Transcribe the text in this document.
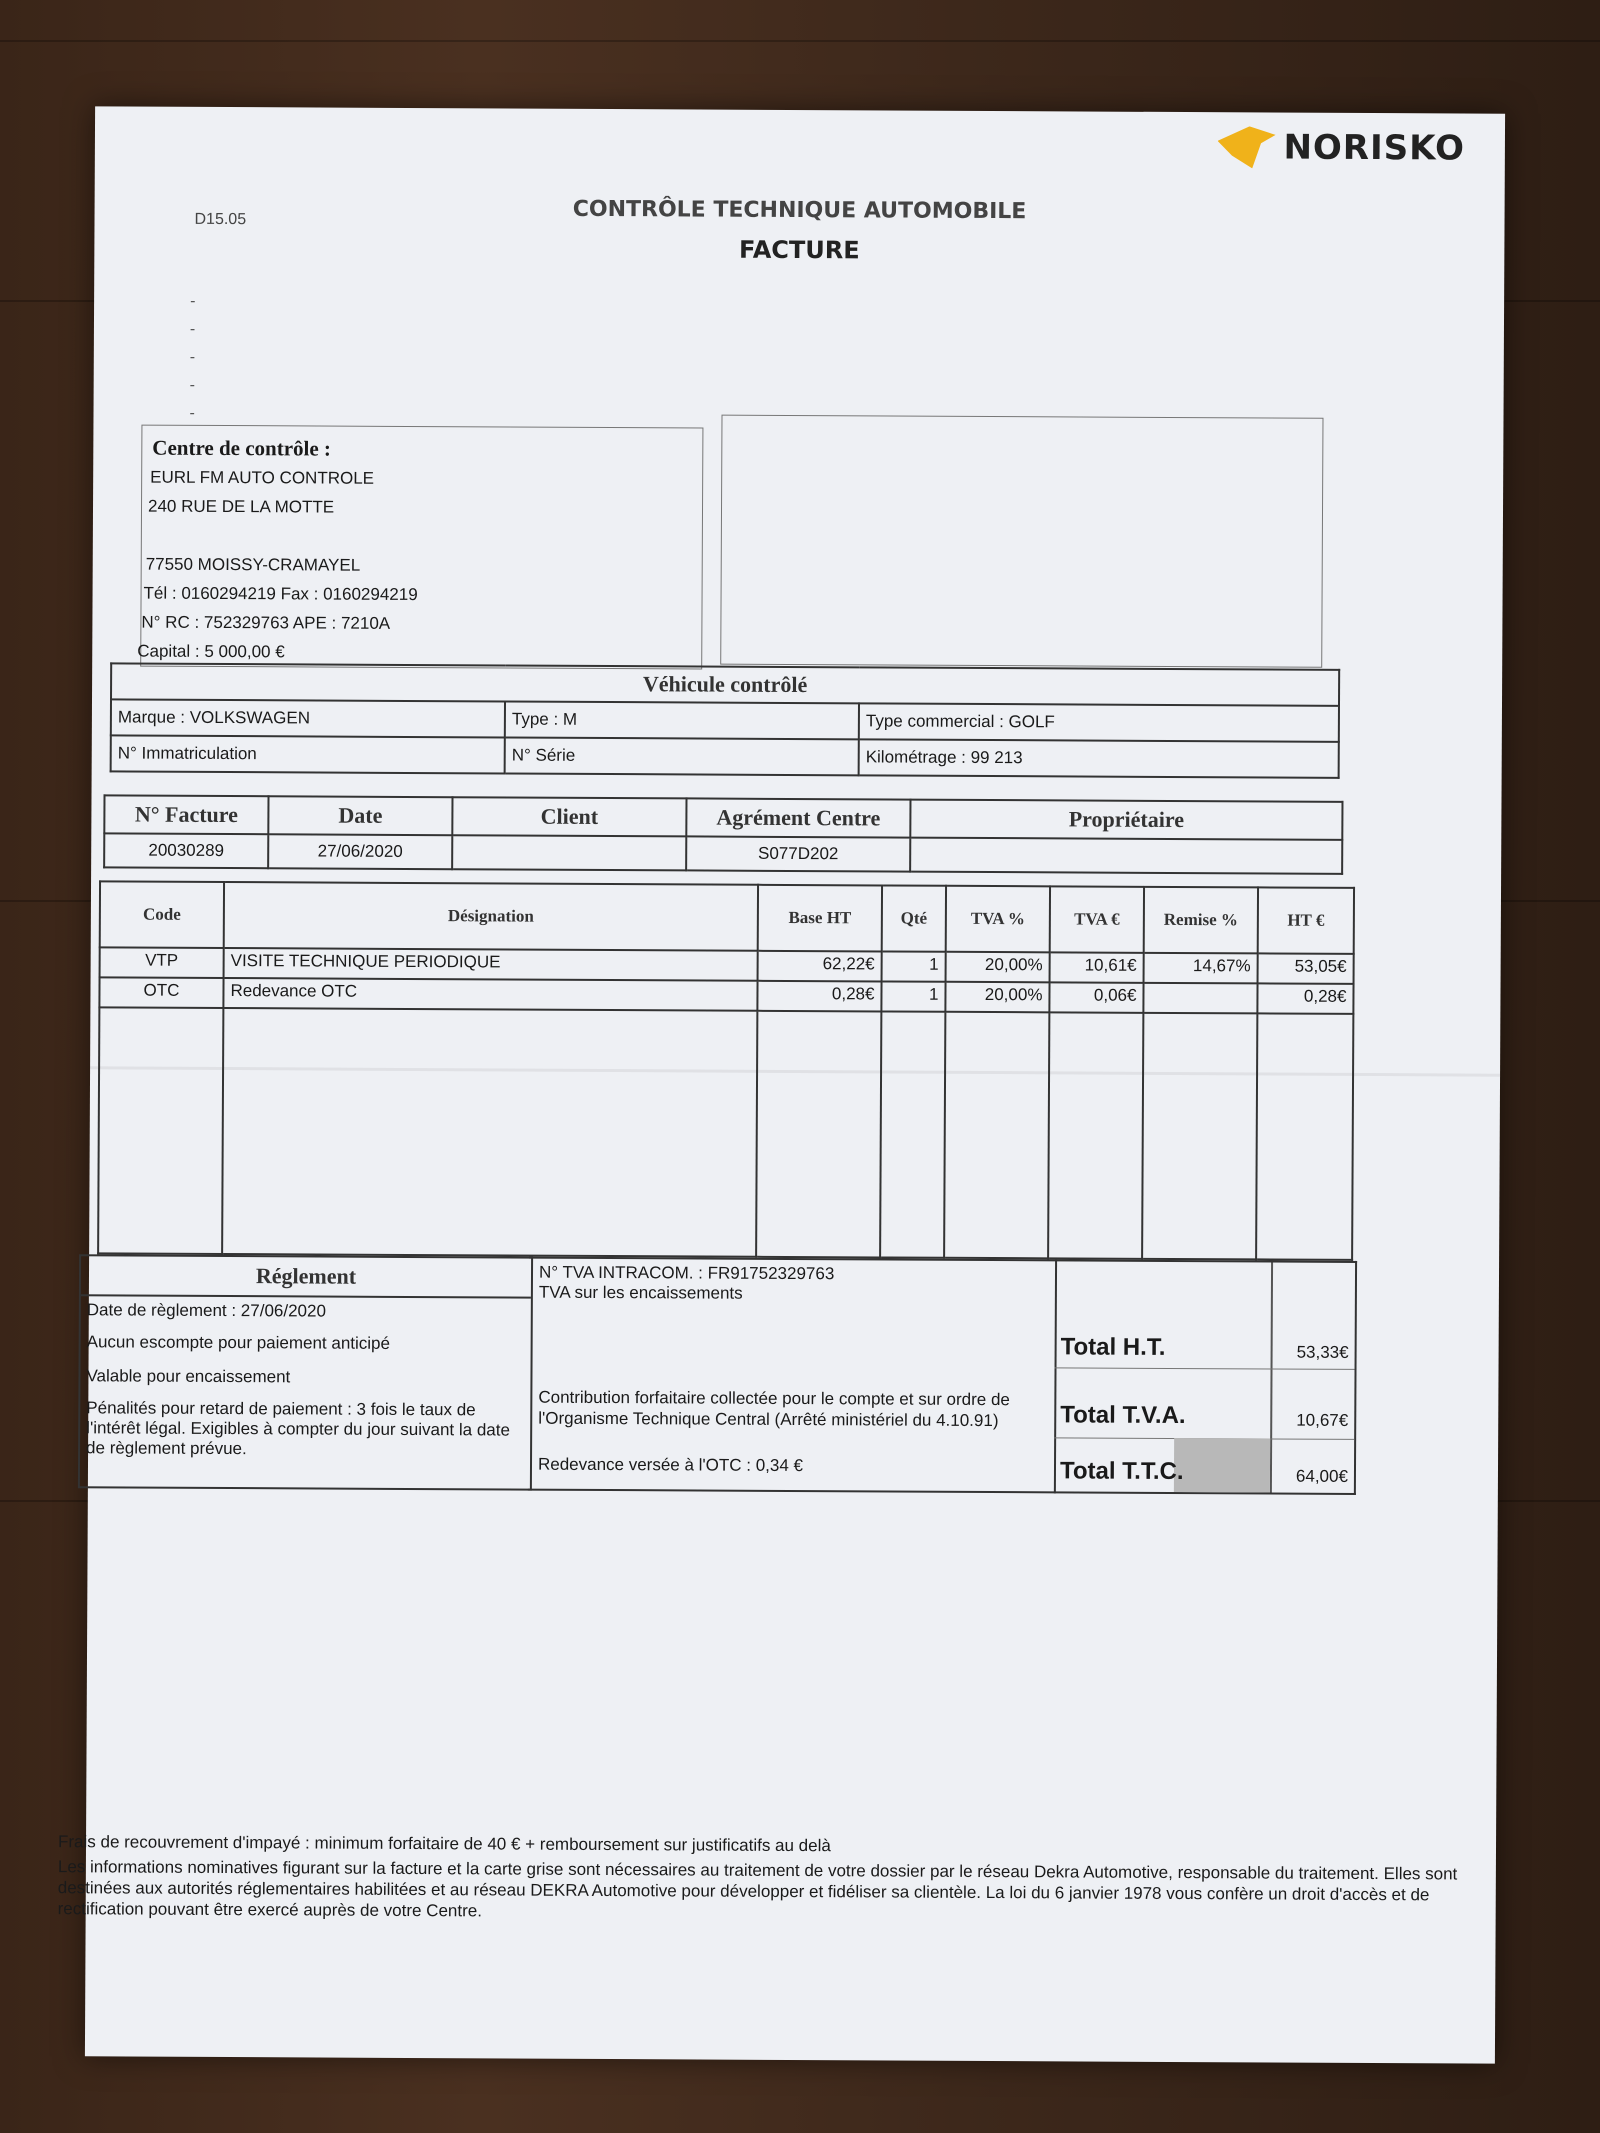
NORISKO
D15.05	CONTRÔLE TECHNIQUE AUTOMOBILE
FACTURE
-
-
-
-
-
Centre de contrôle :
EURL FM AUTO CONTROLE
240 RUE DE LA MOTTE
77550 MOISSY-CRAMAYEL
Tél : 0160294219 Fax : 0160294219
N° RC : 752329763 APE : 7210A
Capital : 5 000,00 €
Véhicule contrôlé		
Marque : VOLKSWAGEN	Type : M	Type commercial : GOLF
N° Immatriculation	N° Série	Kilométrage : 99 213
N° Facture	Date	Client	Agrément Centre	Propriétaire
20030289	27/06/2020		S077D202	
Code	Désignation	Base HT	Qté	TVA %	TVA €	Remise %	HT €
VTP	VISITE TECHNIQUE PERIODIQUE	62,22€	1	20,00%	10,61€	14,67%	53,05€
OTC	Redevance OTC	0,28€	1	20,00%	0,06€		0,28€

Réglement
Date de règlement : 27/06/2020
Aucun escompte pour paiement anticipé
Valable pour encaissement
Pénalités pour retard de paiement : 3 fois le taux de l'intérêt légal. Exigibles à compter du jour suivant la date de règlement prévue.
N° TVA INTRACOM. : FR91752329763
TVA sur les encaissements
Contribution forfaitaire collectée pour le compte et sur ordre de l'Organisme Technique Central (Arrêté ministériel du 4.10.91)
Redevance versée à l'OTC : 0,34 €
Total H.T.	53,33€
Total T.V.A.	10,67€
Total T.T.C.	64,00€
Frais de recouvrement d'impayé : minimum forfaitaire de 40 € + remboursement sur justificatifs au delà
Les informations nominatives figurant sur la facture et la carte grise sont nécessaires au traitement de votre dossier par le réseau Dekra Automotive, responsable du traitement. Elles sont destinées aux autorités réglementaires habilitées et au réseau DEKRA Automotive pour développer et fidéliser sa clientèle. La loi du 6 janvier 1978 vous confère un droit d'accès et de rectification pouvant être exercé auprès de votre Centre.
